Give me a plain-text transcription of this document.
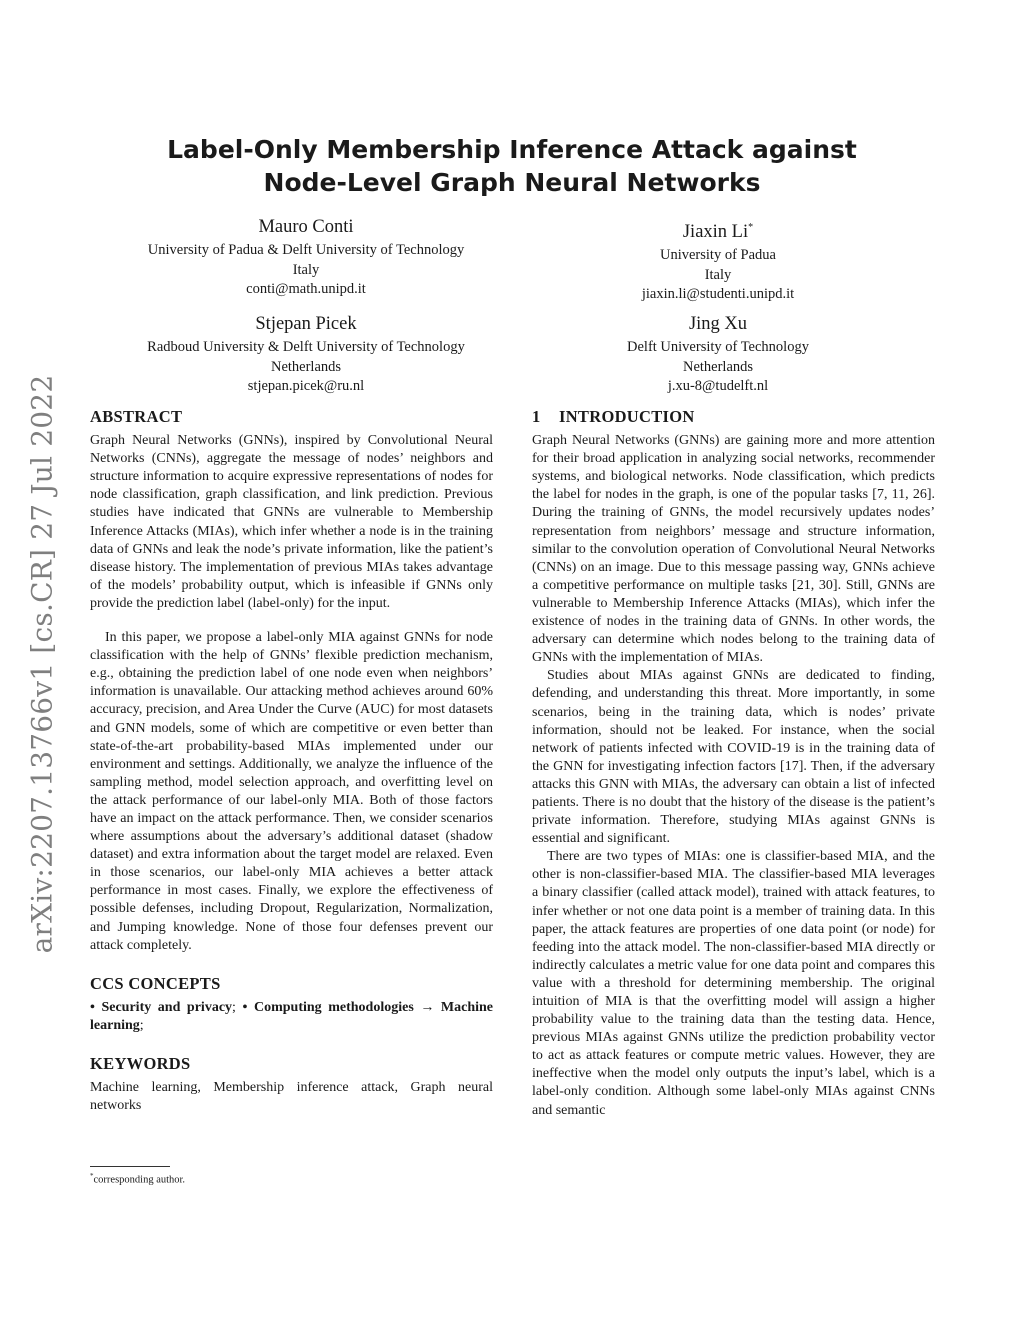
Label-Only Membership Inference Attack against
Node-Level Graph Neural Networks
Mauro Conti
University of Padua & Delft University of Technology
Italy
conti@math.unipd.it
Jiaxin Li*
University of Padua
Italy
jiaxin.li@studenti.unipd.it
Stjepan Picek
Radboud University & Delft University of Technology
Netherlands
stjepan.picek@ru.nl
Jing Xu
Delft University of Technology
Netherlands
j.xu-8@tudelft.nl
arXiv:2207.13766v1 [cs.CR] 27 Jul 2022 ABSTRACT

Graph Neural Networks (GNNs), inspired by Convolutional Neural Networks (CNNs), aggregate the message of nodes’ neighbors and structure information to acquire expressive representations of nodes for node classification, graph classification, and link prediction. Previous studies have indicated that GNNs are vulnerable to Membership Inference Attacks (MIAs), which infer whether a node is in the training data of GNNs and leak the node’s private information, like the patient’s disease history. The implementation of previous MIAs takes advantage of the models’ probability output, which is infeasible if GNNs only provide the prediction label (label-only) for the input.

In this paper, we propose a label-only MIA against GNNs for node classification with the help of GNNs’ flexible prediction mechanism, e.g., obtaining the prediction label of one node even when neighbors’ information is unavailable. Our attacking method achieves around 60% accuracy, precision, and Area Under the Curve (AUC) for most datasets and GNN models, some of which are competitive or even better than state-of-the-art probability-based MIAs implemented under our environment and settings. Additionally, we analyze the influence of the sampling method, model selection approach, and overfitting level on the attack performance of our label-only MIA. Both of those factors have an impact on the attack performance. Then, we consider scenarios where assumptions about the adversary’s additional dataset (shadow dataset) and extra information about the target model are relaxed. Even in those scenarios, our label-only MIA achieves a better attack performance in most cases. Finally, we explore the effectiveness of possible defenses, including Dropout, Regularization, Normalization, and Jumping knowledge. None of those four defenses prevent our attack completely.

CCS CONCEPTS

• Security and privacy; • Computing methodologies → Machine learning;

KEYWORDS

Machine learning, Membership inference attack, Graph neural networks

*corresponding author.
1 INTRODUCTION

Graph Neural Networks (GNNs) are gaining more and more attention for their broad application in analyzing social networks, recommender systems, and biological networks. Node classification, which predicts the label for nodes in the graph, is one of the popular tasks [7, 11, 26]. During the training of GNNs, the model recursively updates nodes’ representation from neighbors’ message and structure information, similar to the convolution operation of Convolutional Neural Networks (CNNs) on an image. Due to this message passing way, GNNs achieve a competitive performance on multiple tasks [21, 30]. Still, GNNs are vulnerable to Membership Inference Attacks (MIAs), which infer the existence of nodes in the training data of GNNs. In other words, the adversary can determine which nodes belong to the training data of GNNs with the implementation of MIAs.

Studies about MIAs against GNNs are dedicated to finding, defending, and understanding this threat. More importantly, in some scenarios, being in the training data, which is nodes’ private information, should not be leaked. For instance, when the social network of patients infected with COVID-19 is in the training data of the GNN for investigating infection factors [17]. Then, if the adversary attacks this GNN with MIAs, the adversary can obtain a list of infected patients. There is no doubt that the history of the disease is the patient’s private information. Therefore, studying MIAs against GNNs is essential and significant.

There are two types of MIAs: one is classifier-based MIA, and the other is non-classifier-based MIA. The classifier-based MIA leverages a binary classifier (called attack model), trained with attack features, to infer whether or not one data point is a member of training data. In this paper, the attack features are properties of one data point (or node) for feeding into the attack model. The non-classifier-based MIA directly or indirectly calculates a metric value for one data point and compares this value with a threshold for determining membership. The original intuition of MIA is that the overfitting model will assign a higher probability value to the training data than the testing data. Hence, previous MIAs against GNNs utilize the prediction probability vector to act as attack features or compute metric values. However, they are ineffective when the model only outputs the input’s label, which is a label-only condition. Although some label-only MIAs against CNNs and semantic
